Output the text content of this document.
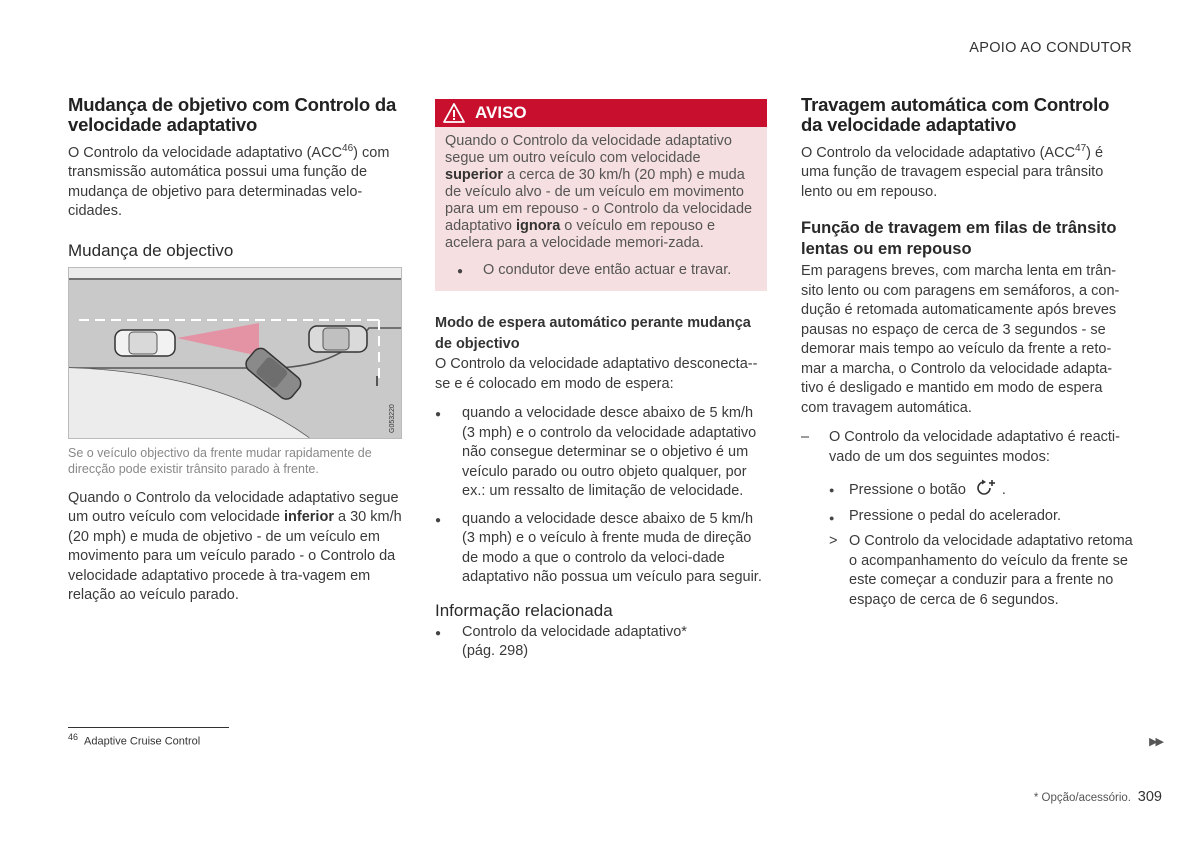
APOIO AO CONDUTOR
Mudança de objetivo com Controlo da velocidade adaptativo

O Controlo da velocidade adaptativo (ACC$^{46}$) com transmissão automática possui uma função de mudança de objetivo para determinadas velo-cidades.

Mudança de objectivo
G053220
Se o veículo objectivo da frente mudar rapidamente de direcção pode existir trânsito parado à frente.

Quando o Controlo da velocidade adaptativo segue um outro veículo com velocidade inferior a 30 km/h (20 mph) e muda de objetivo - de um veículo em movimento para um veículo parado - o Controlo da velocidade adaptativo procede à tra-vagem em relação ao veículo parado.

AVISO

Quando o Controlo da velocidade adaptativo segue um outro veículo com velocidade superior a cerca de 30 km/h (20 mph) e muda de veículo alvo - de um veículo em movimento para um em repouso - o Controlo da velocidade adaptativo ignora o veículo em repouso e acelera para a velocidade memori-zada.

● O condutor deve então actuar e travar.
Modo de espera automático perante mudança de objectivo

O Controlo da velocidade adaptativo desconecta--se e é colocado em modo de espera:

● quando a velocidade desce abaixo de 5 km/h (3 mph) e o controlo da velocidade adaptativo não consegue determinar se o objetivo é um veículo parado ou outro objeto qualquer, por ex.: um ressalto de limitação de velocidade.
● quando a velocidade desce abaixo de 5 km/h (3 mph) e o veículo à frente muda de direção de modo a que o controlo da veloci-dade adaptativo não possua um veículo para seguir.
Informação relacionada
● Controlo da velocidade adaptativo*
(pág. 298)
Travagem automática com Controlo da velocidade adaptativo

O Controlo da velocidade adaptativo (ACC$^{47}$) é uma função de travagem especial para trânsito lento ou em repouso.

Função de travagem em filas de trânsito lentas ou em repouso

Em paragens breves, com marcha lenta em trân-sito lento ou com paragens em semáforos, a con-dução é retomada automaticamente após breves pausas no espaço de cerca de 3 segundos - se demorar mais tempo ao veículo da frente a reto-mar a marcha, o Controlo da velocidade adapta-tivo é desligado e mantido em modo de espera com travagem automática.

– O Controlo da velocidade adaptativo é reacti-vado de um dos seguintes modos:
● Pressione o botão .
● Pressione o pedal do acelerador.
> O Controlo da velocidade adaptativo retoma o acompanhamento do veículo da frente se este começar a conduzir para a frente no espaço de cerca de 6 segundos.
$^{46}$ Adaptive Cruise Control	▶▶
* Opção/acessório. 309
